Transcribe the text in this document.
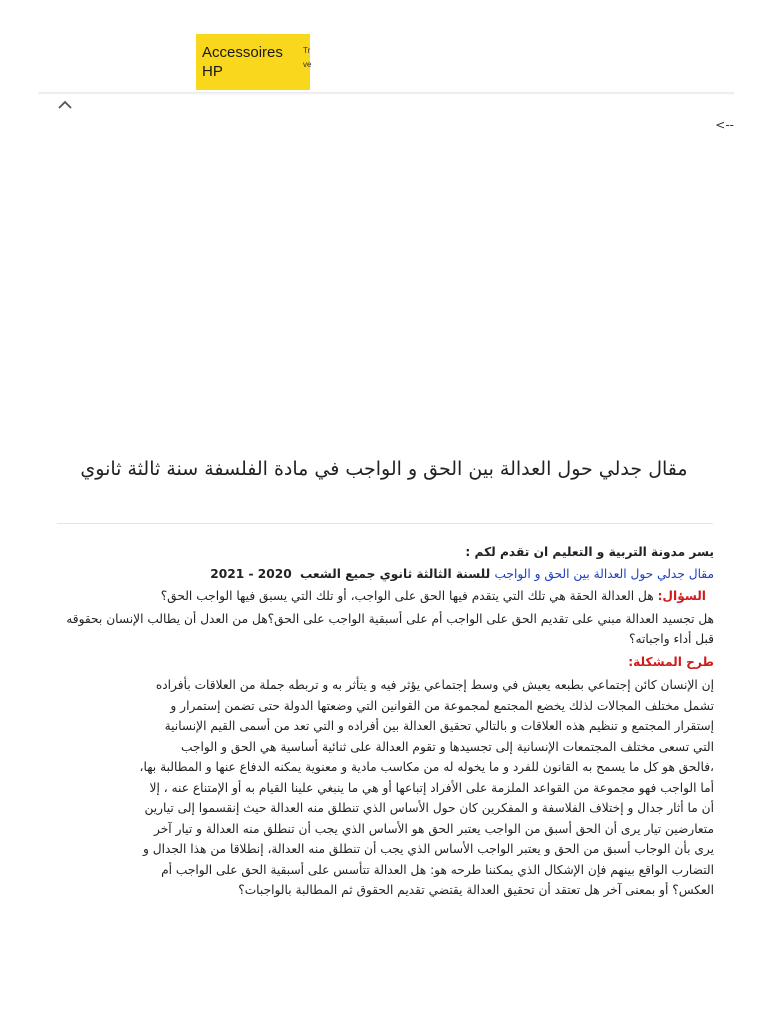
Accessoires
HP
Tr
ve
<--
مقال جدلي حول العدالة بين الحق و الواجب في مادة الفلسفة سنة ثالثة ثانوي

يسر مدونة التربية و التعليم ان تقدم لكم :

مقال جدلي حول العدالة بين الحق و الواجب للسنة الثالثة ثانوي جميع الشعب 2020 - 2021

السؤال: هل العدالة الحقة هي تلك التي يتقدم فيها الحق على الواجب، أو تلك التي يسبق فيها الواجب الحق؟

هل تجسيد العدالة مبني على تقديم الحق على الواجب أم على أسبقية الواجب على الحق؟هل من العدل أن يطالب الإنسان بحقوقه قبل أداء واجباته؟

طرح المشكلة:

إن الإنسان كائن إجتماعي بطبعه يعيش في وسط إجتماعي يؤثر فيه و يتأثر به و تربطه جملة من العلاقات بأفراده

تشمل مختلف المجالات لذلك يخضع المجتمع لمجموعة من القوانين التي وضعتها الدولة حتى تضمن إستمرار و

إستقرار المجتمع و تنظيم هذه العلاقات و بالتالي تحقيق العدالة بين أفراده و التي تعد من أسمى القيم الإنسانية

التي تسعى مختلف المجتمعات الإنسانية إلى تجسيدها و تقوم العدالة على ثنائية أساسية هي الحق و الواجب

،فالحق هو كل ما يسمح به القانون للفرد و ما يخوله له من مكاسب مادية و معنوية يمكنه الدفاع عنها و المطالبة بها،

أما الواجب فهو مجموعة من القواعد الملزمة على الأفراد إتباعها أو هي ما ينبغي علينا القيام به أو الإمتناع عنه ، إلا

أن ما أثار جدال و إختلاف الفلاسفة و المفكرين كان حول الأساس الذي تنطلق منه العدالة حيث إنقسموا إلى تيارين

متعارضين تيار يرى أن الحق أسبق من الواجب يعتبر الحق هو الأساس الذي يجب أن تنطلق منه العدالة و تيار آخر

يرى بأن الوجاب أسبق من الحق و يعتبر الواجب الأساس الذي يجب أن تنطلق منه العدالة، إنطلاقا من هذا الجدال و

التضارب الواقع بينهم فإن الإشكال الذي يمكننا طرحه هو: هل العدالة تتأسس على أسبقية الحق على الواجب أم

العكس؟ أو بمعنى آخر هل تعتقد أن تحقيق العدالة يقتضي تقديم الحقوق ثم المطالبة بالواجبات؟
